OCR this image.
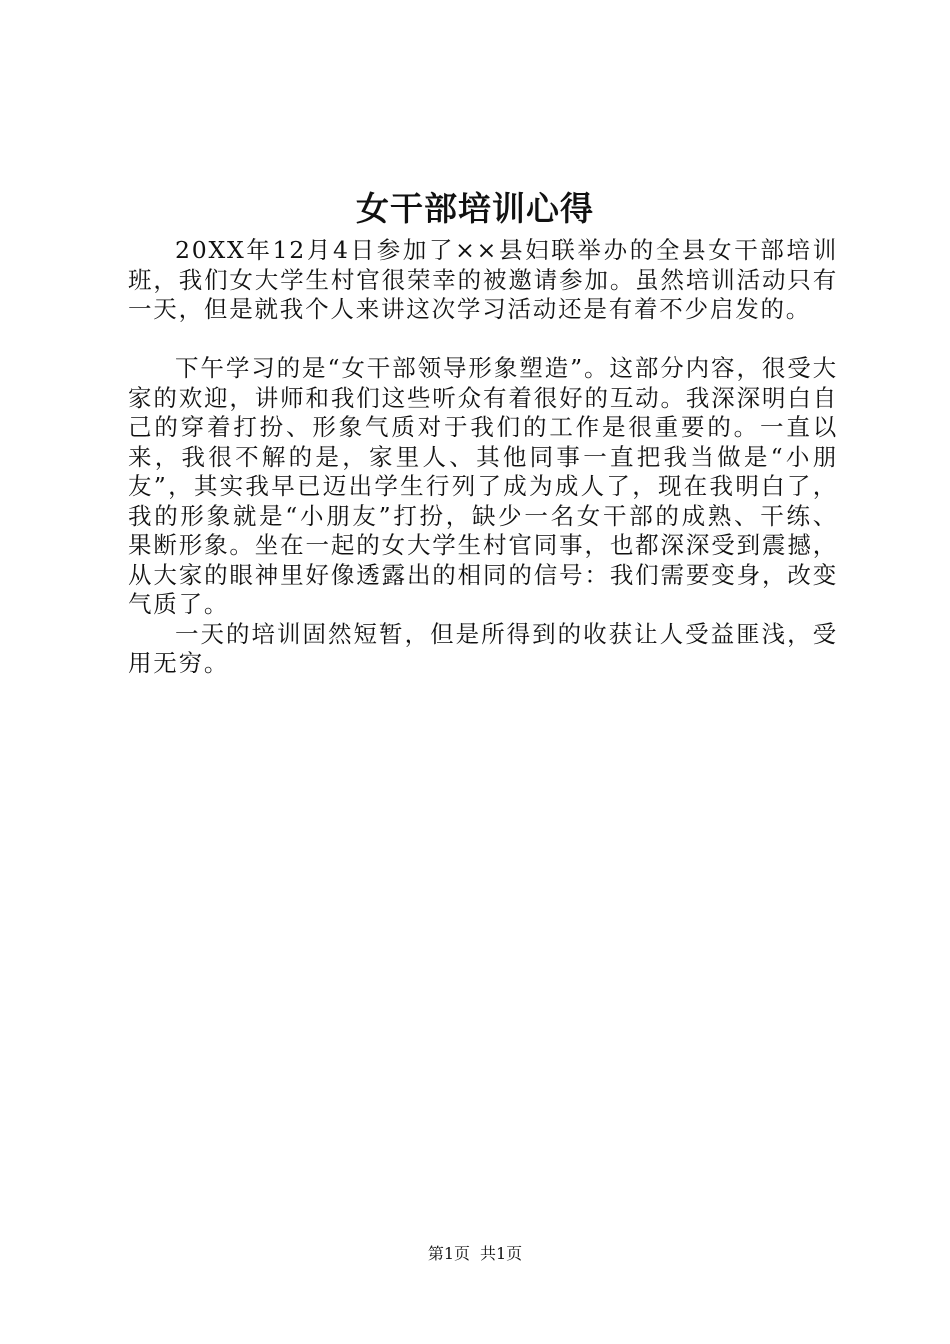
女干部培训心得

20XX年12月4日参加了××县妇联举办的全县女干部培训班，我们女大学生村官很荣幸的被邀请参加。虽然培训活动只有一天，但是就我个人来讲这次学习活动还是有着不少启发的。

下午学习的是“女干部领导形象塑造”。这部分内容，很受大家的欢迎，讲师和我们这些听众有着很好的互动。我深深明白自己的穿着打扮、形象气质对于我们的工作是很重要的。一直以来，我很不解的是，家里人、其他同事一直把我当做是“小朋友”，其实我早已迈出学生行列了成为成人了，现在我明白了，我的形象就是“小朋友”打扮，缺少一名女干部的成熟、干练、果断形象。坐在一起的女大学生村官同事，也都深深受到震撼，从大家的眼神里好像透露出的相同的信号：我们需要变身，改变气质了。

一天的培训固然短暂，但是所得到的收获让人受益匪浅，受用无穷。

第1页 共1页
